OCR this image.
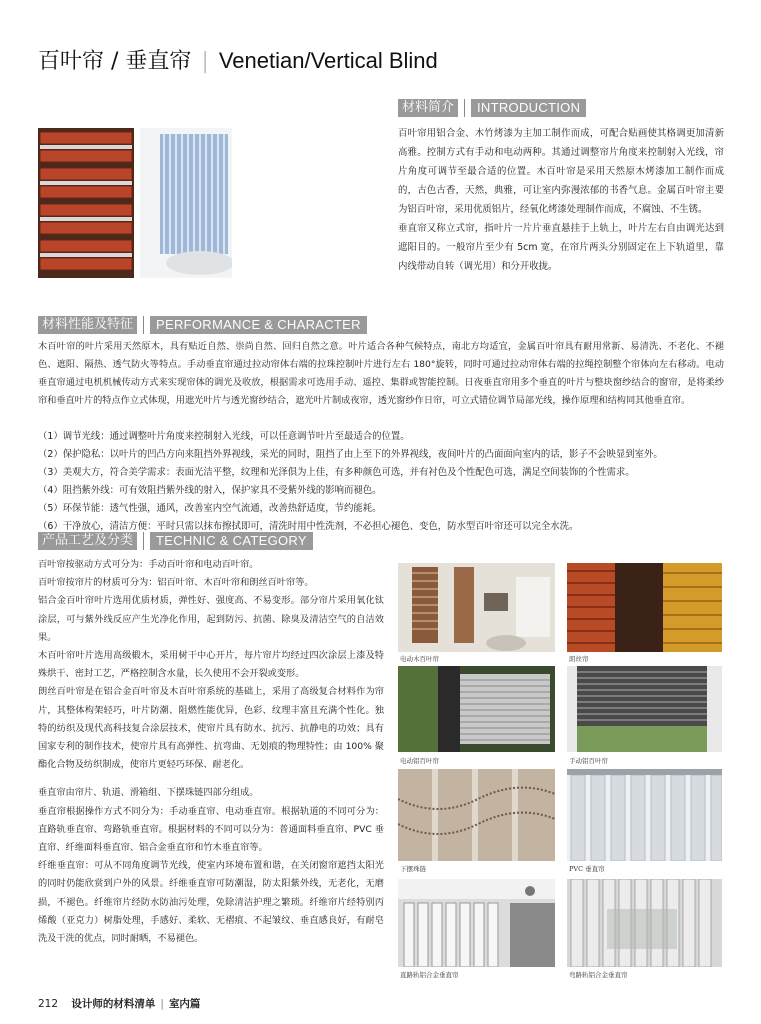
百叶帘 / 垂直帘 | Venetian/Vertical Blind
材料简介	INTRODUCTION

百叶帘用铝合金、木竹烤漆为主加工制作而成，可配合贴画使其格调更加清新高雅。控制方式有手动和电动两种。其通过调整帘片角度来控制射入光线，帘片角度可调节至最合适的位置。木百叶帘是采用天然原木烤漆加工制作而成的，古色古香，天然，典雅，可让室内弥漫浓郁的书香气息。金属百叶帘主要为铝百叶帘，采用优质铝片，经氧化烤漆处理制作而成，不腐蚀、不生锈。

垂直帘又称立式帘，指叶片一片片垂直悬挂于上轨上，叶片左右自由调光达到遮阳目的。一般帘片至少有 5cm 宽，在帘片两头分别固定在上下轨道里，靠内线带动自转（调光用）和分开收拢。

材料性能及特征	PERFORMANCE & CHARACTER

木百叶帘的叶片采用天然原木，具有贴近自然、崇尚自然、回归自然之意。叶片适合各种气候特点，南北方均适宜，金属百叶帘具有耐用常新、易清洗、不老化、不褪色、遮阳、隔热、透气防火等特点。手动垂直帘通过拉动帘体右端的拉珠控制叶片进行左右 180°旋转，同时可通过拉动帘体右端的拉绳控制整个帘体向左右移动。电动垂直帘通过电机机械传动方式来实现帘体的调光及收放，根据需求可选用手动、遥控、集群或智能控制。日夜垂直帘用多个垂直的叶片与整块窗纱结合的窗帘，是将柔纱帘和垂直叶片的特点作立式体现，用遮光叶片与透光窗纱结合，遮光叶片制成夜帘，透光窗纱作日帘，可立式错位调节局部光线，操作原理和结构同其他垂直帘。

（1）调节光线：通过调整叶片角度来控制射入光线，可以任意调节叶片至最适合的位置。

（2）保护隐私：以叶片的凹凸方向来阻挡外界视线，采光的同时，阻挡了由上至下的外界视线，夜间叶片的凸面面向室内的话，影子不会映显到室外。

（3）美观大方，符合美学需求：表面光洁平整，纹理和光泽俱为上佳，有多种颜色可选，并有衬色及个性配色可选，满足空间装饰的个性需求。

（4）阻挡紫外线：可有效阻挡紫外线的射入，保护家具不受紫外线的影响而褪色。

（5）环保节能：透气性强，通风，改善室内空气流通，改善热舒适度，节约能耗。

（6）干净放心，清洁方便：平时只需以抹布擦拭即可，清洗时用中性洗剂，不必担心褪色、变色，防水型百叶帘还可以完全水洗。

产品工艺及分类	TECHNIC & CATEGORY

百叶帘按驱动方式可分为：手动百叶帘和电动百叶帘。

百叶帘按帘片的材质可分为：铝百叶帘、木百叶帘和朗丝百叶帘等。

铝合金百叶帘叶片选用优质材质，弹性好、强度高、不易变形。部分帘片采用氧化钛涂层，可与紫外线反应产生光净化作用，起到防污、抗菌、除臭及清洁空气的自洁效果。

木百叶帘叶片选用高级椴木，采用树干中心开片，每片帘片均经过四次涂层上漆及特殊烘干、密封工艺，严格控制含水量，长久使用不会开裂或变形。

朗丝百叶帘是在铝合金百叶帘及木百叶帘系统的基础上，采用了高级复合材料作为帘片，其整体构架轻巧，叶片防潮、阻燃性能优异，色彩、纹理丰富且充满个性化。独特的纺织及现代高科技复合涂层技术，使帘片具有防水、抗污、抗静电的功效；具有国家专利的制作技术，使帘片具有高弹性、抗弯曲、无划痕的物理特性；由 100% 聚酯化合物及纺织制成，使帘片更轻巧环保、耐老化。

垂直帘由帘片、轨道、滑箱组、下摆珠链四部分组成。

垂直帘根据操作方式不同分为：手动垂直帘、电动垂直帘。根据轨道的不同可分为：直路轨垂直帘、弯路轨垂直帘。根据材料的不同可以分为：普通面料垂直帘、PVC 垂直帘、纤维面料垂直帘、铝合金垂直帘和竹木垂直帘等。

纤维垂直帘：可从不同角度调节光线，使室内环境布置和谐，在关闭窗帘遮挡太阳光的同时仍能欣赏到户外的风景。纤维垂直帘可防潮湿，防太阳紫外线，无老化，无磨损，不褪色。纤维帘片经防水防油污处理，免除清洁护理之繁琐。纤维帘片经特别丙烯酸（亚克力）树脂处理，手感好、柔软、无褶痕、不起皱纹、垂直感良好，有耐皂洗及干洗的优点，同时耐晒，不易褪色。

电动木百叶帘	朗丝帘
电动铝百叶帘	手动铝百叶帘
下摆珠链	PVC 垂直帘
直路轨铝合金垂直帘	弯路轨铝合金垂直帘
212 设计师的材料清单 | 室内篇
